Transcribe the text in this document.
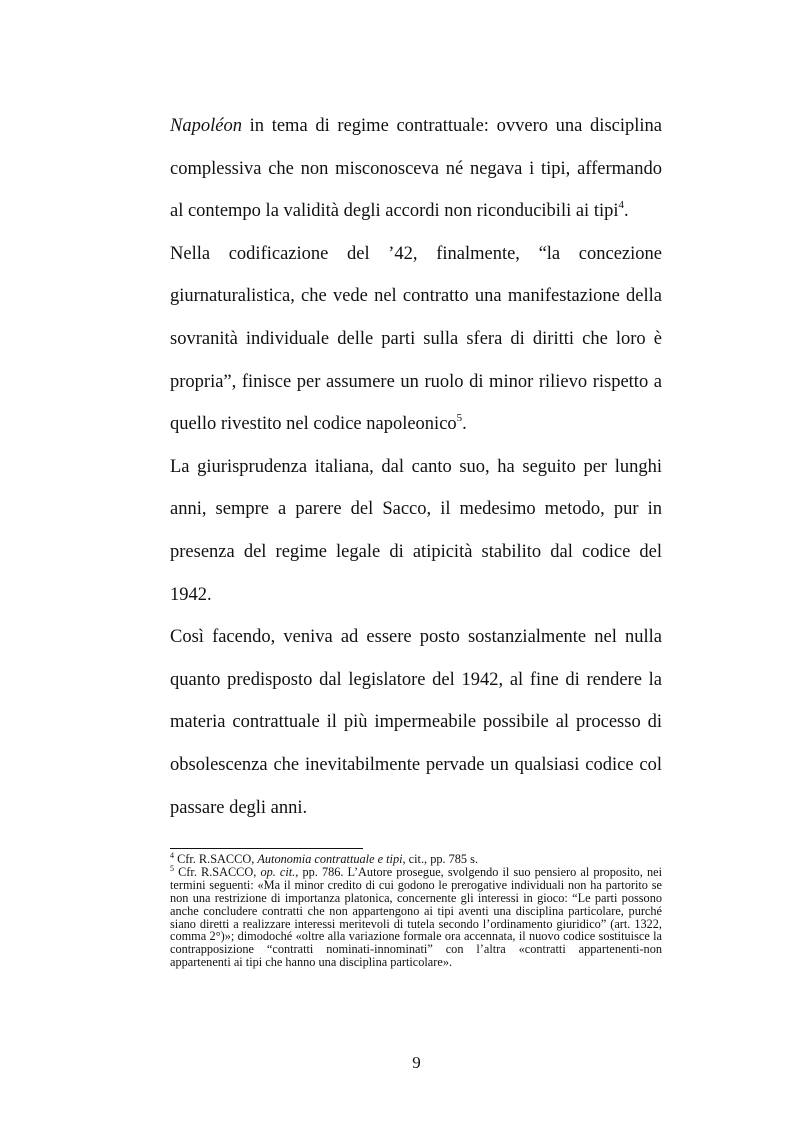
Napoléon in tema di regime contrattuale: ovvero una disciplina complessiva che non misconosceva né negava i tipi, affermando al contempo la validità degli accordi non riconducibili ai tipi$^4$.

Nella codificazione del ’42, finalmente, “la concezione giurnaturalistica, che vede nel contratto una manifestazione della sovranità individuale delle parti sulla sfera di diritti che loro è propria”, finisce per assumere un ruolo di minor rilievo rispetto a quello rivestito nel codice napoleonico$^5$.

La giurisprudenza italiana, dal canto suo, ha seguito per lunghi anni, sempre a parere del Sacco, il medesimo metodo, pur in presenza del regime legale di atipicità stabilito dal codice del 1942.

Così facendo, veniva ad essere posto sostanzialmente nel nulla quanto predisposto dal legislatore del 1942, al fine di rendere la materia contrattuale il più impermeabile possibile al processo di obsolescenza che inevitabilmente pervade un qualsiasi codice col passare degli anni.

$^4$ Cfr. R.SACCO, Autonomia contrattuale e tipi, cit., pp. 785 s.

$^5$ Cfr. R.SACCO, op. cit., pp. 786. L’Autore prosegue, svolgendo il suo pensiero al proposito, nei termini seguenti: «Ma il minor credito di cui godono le prerogative individuali non ha partorito se non una restrizione di importanza platonica, concernente gli interessi in gioco: “Le parti possono anche concludere contratti che non appartengono ai tipi aventi una disciplina particolare, purché siano diretti a realizzare interessi meritevoli di tutela secondo l’ordinamento giuridico” (art. 1322, comma 2°)»; dimodoché «oltre alla variazione formale ora accennata, il nuovo codice sostituisce la contrapposizione “contratti nominati-innominati” con l’altra «contratti appartenenti-non appartenenti ai tipi che hanno una disciplina particolare».

9
